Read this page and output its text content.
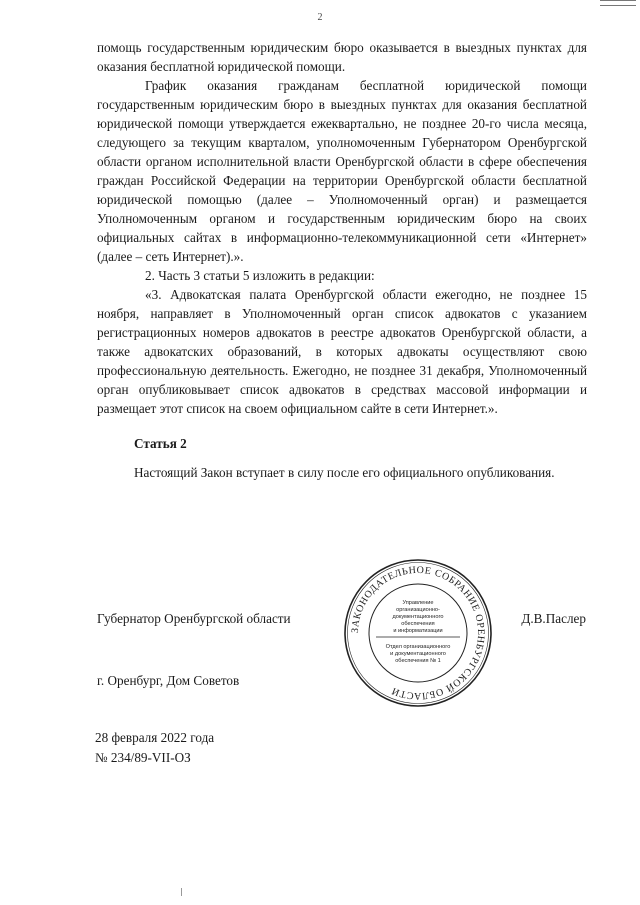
2

помощь государственным юридическим бюро оказывается в выездных пунктах для оказания бесплатной юридической помощи.

График оказания гражданам бесплатной юридической помощи государственным юридическим бюро в выездных пунктах для оказания бесплатной юридической помощи утверждается ежеквартально, не позднее 20-го числа месяца, следующего за текущим кварталом, уполномоченным Губернатором Оренбургской области органом исполнительной власти Оренбургской области в сфере обеспечения граждан Российской Федерации на территории Оренбургской области бесплатной юридической помощью (далее – Уполномоченный орган) и размещается Уполномоченным органом и государственным юридическим бюро на своих официальных сайтах в информационно-телекоммуникационной сети «Интернет» (далее – сеть Интернет).».

2. Часть 3 статьи 5 изложить в редакции:

«3. Адвокатская палата Оренбургской области ежегодно, не позднее 15 ноября, направляет в Уполномоченный орган список адвокатов с указанием регистрационных номеров адвокатов в реестре адвокатов Оренбургской области, а также адвокатских образований, в которых адвокаты осуществляют свою профессиональную деятельность. Ежегодно, не позднее 31 декабря, Уполномоченный орган опубликовывает список адвокатов в средствах массовой информации и размещает этот список на своем официальном сайте в сети Интернет.».

Статья 2

Настоящий Закон вступает в силу после его официального опубликования.

Губернатор Оренбургской области	Д.В.Паслер
г. Оренбург, Дом Советов
28 февраля 2022 года
№ 234/89-VII-ОЗ
ЗАКОНОДАТЕЛЬНОЕ СОБРАНИЕ ОРЕНБУРГСКОЙ ОБЛАСТИ
Управление
организационно-
документационного
обеспечения
и информатизации
Отдел организационного
и документационного
обеспечения № 1
